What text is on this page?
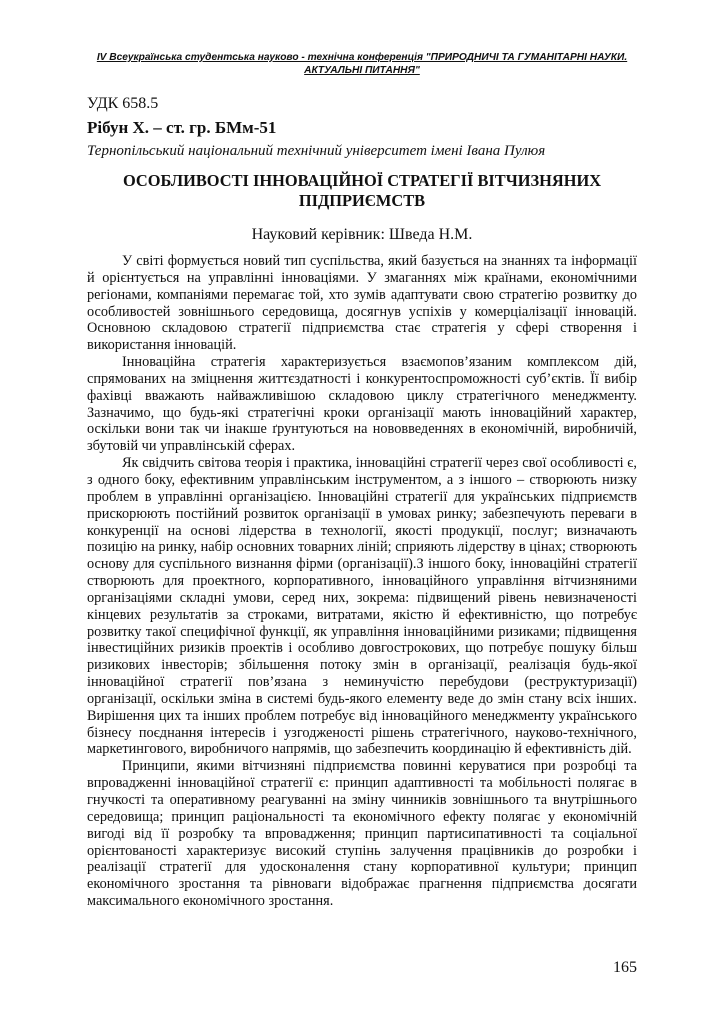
IV Всеукраїнська студентська науково - технічна конференція "ПРИРОДНИЧІ ТА ГУМАНІТАРНІ НАУКИ.
АКТУАЛЬНІ ПИТАННЯ"
УДК 658.5
Рібун Х. – ст. гр. БМм-51
Тернопільський національний технічний університет імені Івана Пулюя
ОСОБЛИВОСТІ ІННОВАЦІЙНОЇ СТРАТЕГІЇ ВІТЧИЗНЯНИХ
ПІДПРИЄМСТВ
Науковий керівник: Шведа Н.М.

У світі формується новий тип суспільства, який базується на знаннях та інформації й орієнтується на управлінні інноваціями. У змаганнях між країнами, економічними регіонами, компаніями перемагає той, хто зумів адаптувати свою стратегію розвитку до особливостей зовнішнього середовища, досягнув успіхів у комерціалізації інновацій. Основною складовою стратегії підприємства стає стратегія у сфері створення і використання інновацій.

Інноваційна стратегія характеризується взаємопов’язаним комплексом дій, спрямованих на зміцнення життєздатності і конкурентоспроможності суб’єктів. Її вибір фахівці вважають найважливішою складовою циклу стратегічного менеджменту. Зазначимо, що будь-які стратегічні кроки організації мають інноваційний характер, оскільки вони так чи інакше ґрунтуються на нововведеннях в економічній, виробничій, збутовій чи управлінській сферах.

Як свідчить світова теорія і практика, інноваційні стратегії через свої особливості є, з одного боку, ефективним управлінським інструментом, а з іншого – створюють низку проблем в управлінні організацією. Інноваційні стратегії для українських підприємств прискорюють постійний розвиток організації в умовах ринку; забезпечують переваги в конкуренції на основі лідерства в технології, якості продукції, послуг; визначають позицію на ринку, набір основних товарних ліній; сприяють лідерству в цінах; створюють основу для суспільного визнання фірми (організації).З іншого боку, інноваційні стратегії створюють для проектного, корпоративного, інноваційного управління вітчизняними організаціями складні умови, серед них, зокрема: підвищений рівень невизначеності кінцевих результатів за строками, витратами, якістю й ефективністю, що потребує розвитку такої специфічної функції, як управління інноваційними ризиками; підвищення інвестиційних ризиків проектів і особливо довгострокових, що потребує пошуку більш ризикових інвесторів; збільшення потоку змін в організації, реалізація будь-якої інноваційної стратегії пов’язана з неминучістю перебудови (реструктуризації) організації, оскільки зміна в системі будь-якого елементу веде до змін стану всіх інших. Вирішення цих та інших проблем потребує від інноваційного менеджменту українського бізнесу поєднання інтересів і узгодженості рішень стратегічного, науково-технічного, маркетингового, виробничого напрямів, що забезпечить координацію й ефективність дій.

Принципи, якими вітчизняні підприємства повинні керуватися при розробці та впровадженні інноваційної стратегії є: принцип адаптивності та мобільності полягає в гнучкості та оперативному реагуванні на зміну чинників зовнішнього та внутрішнього середовища; принцип раціональності та економічного ефекту полягає у економічній вигоді від її розробку та впровадження; принцип партисипативності та соціальної орієнтованості характеризує високий ступінь залучення працівників до розробки і реалізації стратегії для удосконалення стану корпоративної культури; принцип економічного зростання та рівноваги відображає прагнення підприємства досягати максимального економічного зростання.

165
